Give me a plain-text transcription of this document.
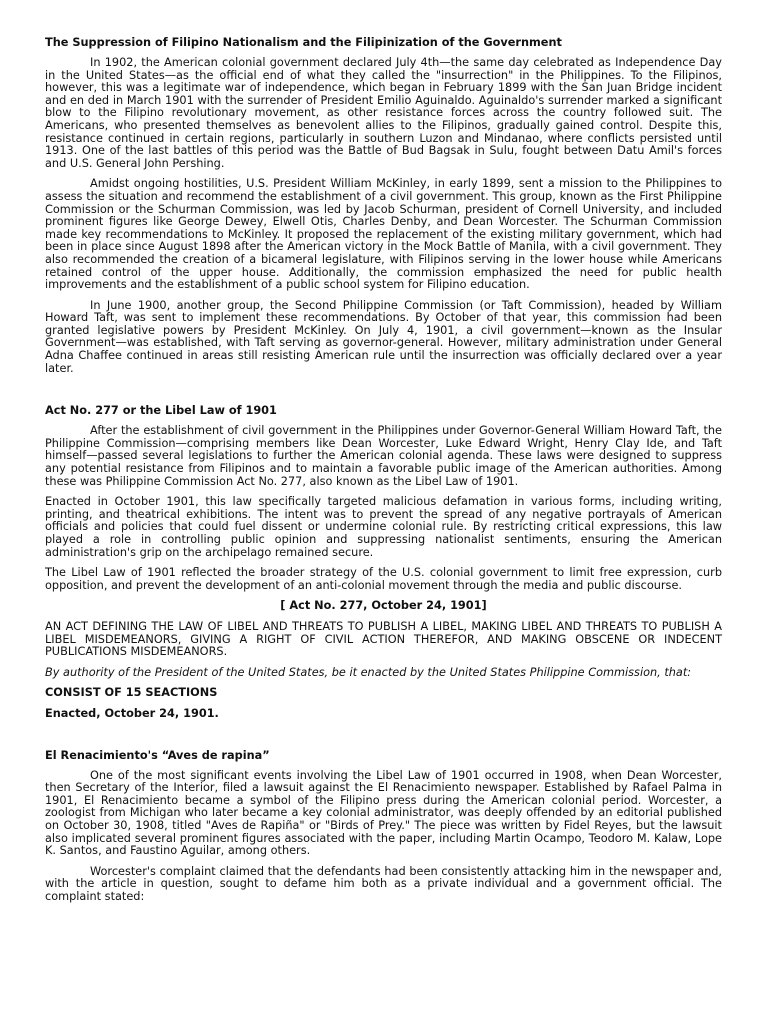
The Suppression of Filipino Nationalism and the Filipinization of the Government

In 1902, the American colonial government declared July 4th—the same day celebrated as Independence Day in the United States—as the official end of what they called the "insurrection" in the Philippines. To the Filipinos, however, this was a legitimate war of independence, which began in February 1899 with the San Juan Bridge incident and en ded in March 1901 with the surrender of President Emilio Aguinaldo. Aguinaldo's surrender marked a significant blow to the Filipino revolutionary movement, as other resistance forces across the country followed suit. The Americans, who presented themselves as benevolent allies to the Filipinos, gradually gained control. Despite this, resistance continued in certain regions, particularly in southern Luzon and Mindanao, where conflicts persisted until 1913. One of the last battles of this period was the Battle of Bud Bagsak in Sulu, fought between Datu Amil's forces and U.S. General John Pershing.

Amidst ongoing hostilities, U.S. President William McKinley, in early 1899, sent a mission to the Philippines to assess the situation and recommend the establishment of a civil government. This group, known as the First Philippine Commission or the Schurman Commission, was led by Jacob Schurman, president of Cornell University, and included prominent figures like George Dewey, Elwell Otis, Charles Denby, and Dean Worcester. The Schurman Commission made key recommendations to McKinley. It proposed the replacement of the existing military government, which had been in place since August 1898 after the American victory in the Mock Battle of Manila, with a civil government. They also recommended the creation of a bicameral legislature, with Filipinos serving in the lower house while Americans retained control of the upper house. Additionally, the commission emphasized the need for public health improvements and the establishment of a public school system for Filipino education.

In June 1900, another group, the Second Philippine Commission (or Taft Commission), headed by William Howard Taft, was sent to implement these recommendations. By October of that year, this commission had been granted legislative powers by President McKinley. On July 4, 1901, a civil government—known as the Insular Government—was established, with Taft serving as governor-general. However, military administration under General Adna Chaffee continued in areas still resisting American rule until the insurrection was officially declared over a year later.

Act No. 277 or the Libel Law of 1901

After the establishment of civil government in the Philippines under Governor-General William Howard Taft, the Philippine Commission—comprising members like Dean Worcester, Luke Edward Wright, Henry Clay Ide, and Taft himself—passed several legislations to further the American colonial agenda. These laws were designed to suppress any potential resistance from Filipinos and to maintain a favorable public image of the American authorities. Among these was Philippine Commission Act No. 277, also known as the Libel Law of 1901.

Enacted in October 1901, this law specifically targeted malicious defamation in various forms, including writing, printing, and theatrical exhibitions. The intent was to prevent the spread of any negative portrayals of American officials and policies that could fuel dissent or undermine colonial rule. By restricting critical expressions, this law played a role in controlling public opinion and suppressing nationalist sentiments, ensuring the American administration's grip on the archipelago remained secure.

The Libel Law of 1901 reflected the broader strategy of the U.S. colonial government to limit free expression, curb opposition, and prevent the development of an anti-colonial movement through the media and public discourse.

[ Act No. 277, October 24, 1901]

AN ACT DEFINING THE LAW OF LIBEL AND THREATS TO PUBLISH A LIBEL, MAKING LIBEL AND THREATS TO PUBLISH A LIBEL MISDEMEANORS, GIVING A RIGHT OF CIVIL ACTION THEREFOR, AND MAKING OBSCENE OR INDECENT PUBLICATIONS MISDEMEANORS.

By authority of the President of the United States, be it enacted by the United States Philippine Commission, that:

CONSIST OF 15 SEACTIONS

Enacted, October 24, 1901.

El Renacimiento's “Aves de rapina”

One of the most significant events involving the Libel Law of 1901 occurred in 1908, when Dean Worcester, then Secretary of the Interior, filed a lawsuit against the El Renacimiento newspaper. Established by Rafael Palma in 1901, El Renacimiento became a symbol of the Filipino press during the American colonial period. Worcester, a zoologist from Michigan who later became a key colonial administrator, was deeply offended by an editorial published on October 30, 1908, titled "Aves de Rapiña" or "Birds of Prey." The piece was written by Fidel Reyes, but the lawsuit also implicated several prominent figures associated with the paper, including Martin Ocampo, Teodoro M. Kalaw, Lope K. Santos, and Faustino Aguilar, among others.

Worcester's complaint claimed that the defendants had been consistently attacking him in the newspaper and, with the article in question, sought to defame him both as a private individual and a government official. The complaint stated:
